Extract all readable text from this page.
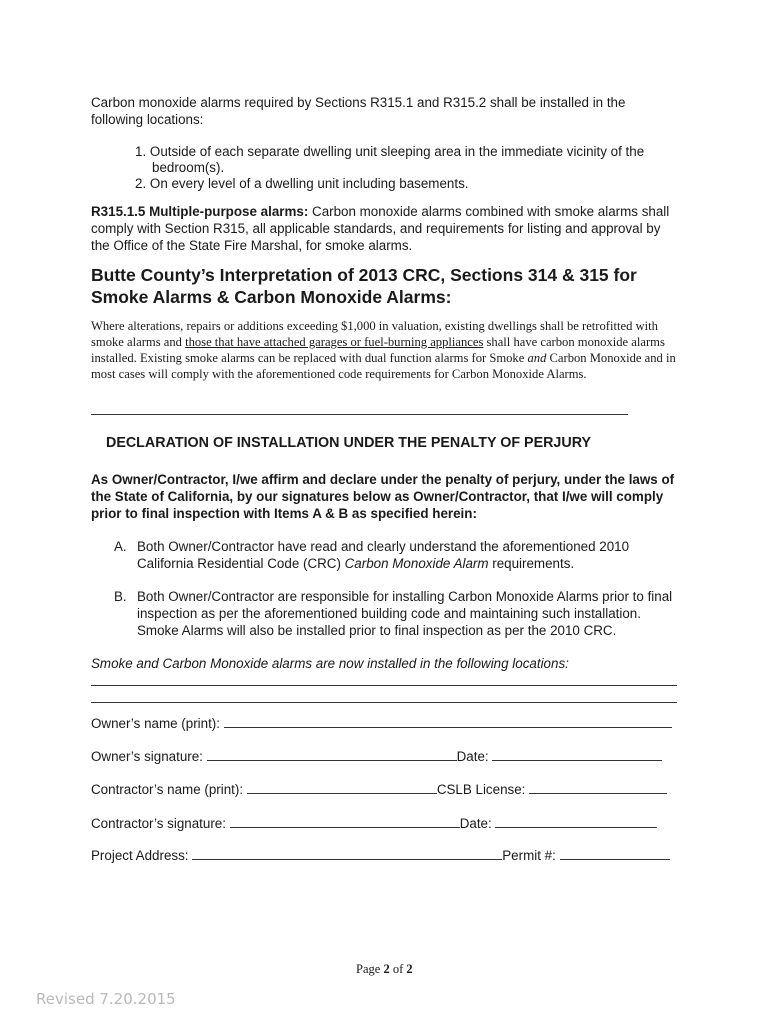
Carbon monoxide alarms required by Sections R315.1 and R315.2 shall be installed in the following locations:
1. Outside of each separate dwelling unit sleeping area in the immediate vicinity of the
bedroom(s).
2. On every level of a dwelling unit including basements.
R315.1.5 Multiple-purpose alarms: Carbon monoxide alarms combined with smoke alarms shall comply with Section R315, all applicable standards, and requirements for listing and approval by the Office of the State Fire Marshal, for smoke alarms.
Butte County’s Interpretation of 2013 CRC, Sections 314 & 315 for Smoke Alarms & Carbon Monoxide Alarms:
Where alterations, repairs or additions exceeding $1,000 in valuation, existing dwellings shall be retrofitted with smoke alarms and those that have attached garages or fuel-burning appliances shall have carbon monoxide alarms installed. Existing smoke alarms can be replaced with dual function alarms for Smoke and Carbon Monoxide and in most cases will comply with the aforementioned code requirements for Carbon Monoxide Alarms.
DECLARATION OF INSTALLATION UNDER THE PENALTY OF PERJURY
As Owner/Contractor, I/we affirm and declare under the penalty of perjury, under the laws of the State of California, by our signatures below as Owner/Contractor, that I/we will comply prior to final inspection with Items A & B as specified herein:
A. Both Owner/Contractor have read and clearly understand the aforementioned 2010 California Residential Code (CRC) Carbon Monoxide Alarm requirements.
B. Both Owner/Contractor are responsible for installing Carbon Monoxide Alarms prior to final inspection as per the aforementioned building code and maintaining such installation. Smoke Alarms will also be installed prior to final inspection as per the 2010 CRC.
Smoke and Carbon Monoxide alarms are now installed in the following locations:
Owner’s name (print):
Owner’s signature:	Date:
Contractor’s name (print):	CSLB License:
Contractor’s signature:	Date:
Project Address:	Permit #:
Page 2 of 2
Revised 7.20.2015
